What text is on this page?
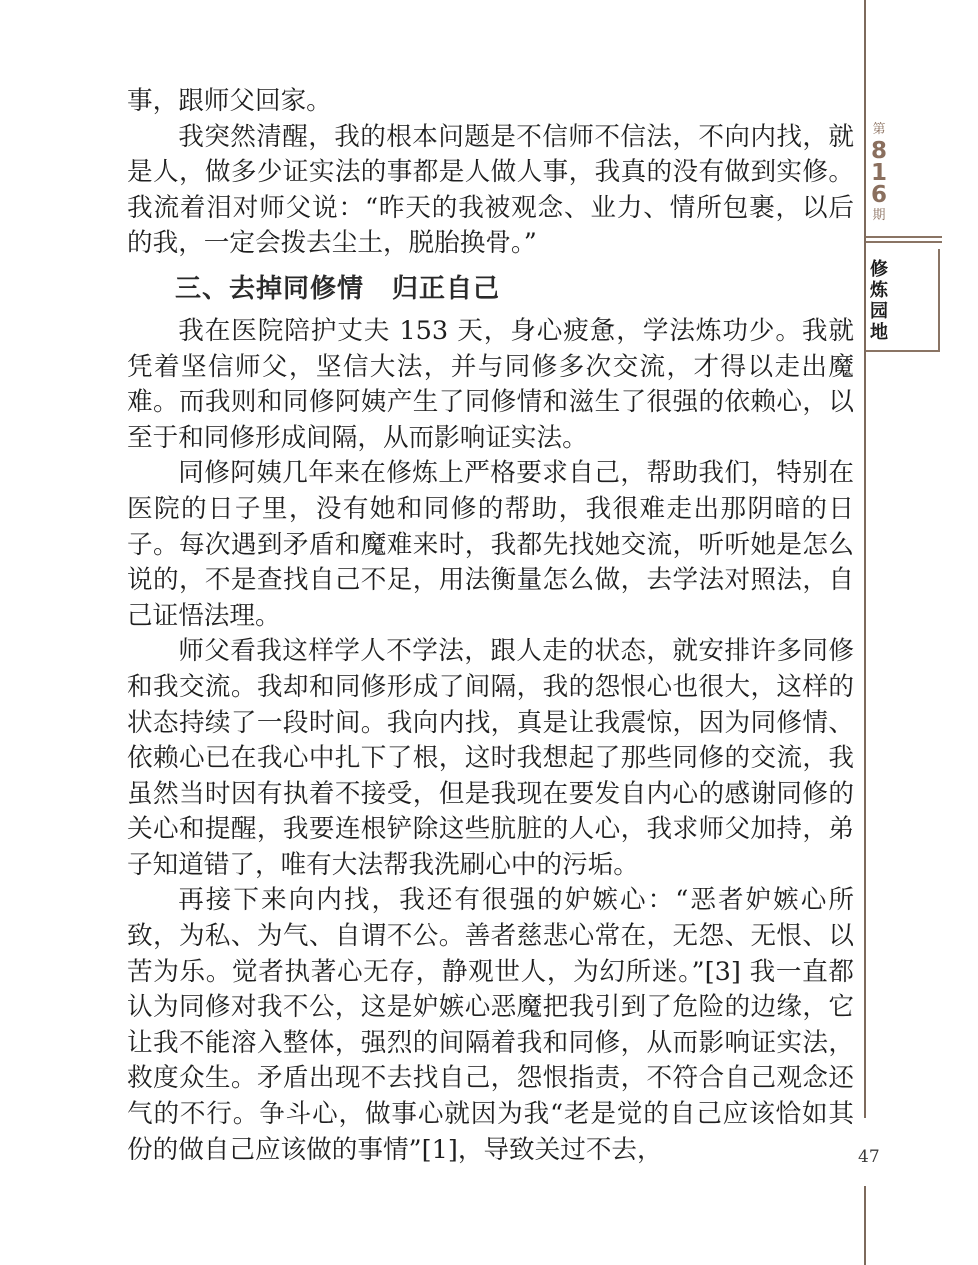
第
816
期
修炼园地

事，跟师父回家。

我突然清醒，我的根本问题是不信师不信法，不向内找，就是人，做多少证实法的事都是人做人事，我真的没有做到实修。我流着泪对师父说：“昨天的我被观念、业力、情所包裹，以后的我，一定会拨去尘土，脱胎换骨。”

三、去掉同修情 归正自己

我在医院陪护丈夫 153 天，身心疲惫，学法炼功少。我就凭着坚信师父，坚信大法，并与同修多次交流，才得以走出魔难。而我则和同修阿姨产生了同修情和滋生了很强的依赖心，以至于和同修形成间隔，从而影响证实法。

同修阿姨几年来在修炼上严格要求自己，帮助我们，特别在医院的日子里，没有她和同修的帮助，我很难走出那阴暗的日子。每次遇到矛盾和魔难来时，我都先找她交流，听听她是怎么说的，不是查找自己不足，用法衡量怎么做，去学法对照法，自己证悟法理。

师父看我这样学人不学法，跟人走的状态，就安排许多同修和我交流。我却和同修形成了间隔，我的怨恨心也很大，这样的状态持续了一段时间。我向内找，真是让我震惊，因为同修情、依赖心已在我心中扎下了根，这时我想起了那些同修的交流，我虽然当时因有执着不接受，但是我现在要发自内心的感谢同修的关心和提醒，我要连根铲除这些肮脏的人心，我求师父加持，弟子知道错了，唯有大法帮我洗刷心中的污垢。

再接下来向内找，我还有很强的妒嫉心：“恶者妒嫉心所致，为私、为气、自谓不公。善者慈悲心常在，无怨、无恨、以苦为乐。觉者执著心无存，静观世人，为幻所迷。”[3] 我一直都认为同修对我不公，这是妒嫉心恶魔把我引到了危险的边缘，它让我不能溶入整体，强烈的间隔着我和同修，从而影响证实法，救度众生。矛盾出现不去找自己，怨恨指责，不符合自己观念还气的不行。争斗心，做事心就因为我“老是觉的自己应该恰如其份的做自己应该做的事情”[1]，导致关过不去，	47
